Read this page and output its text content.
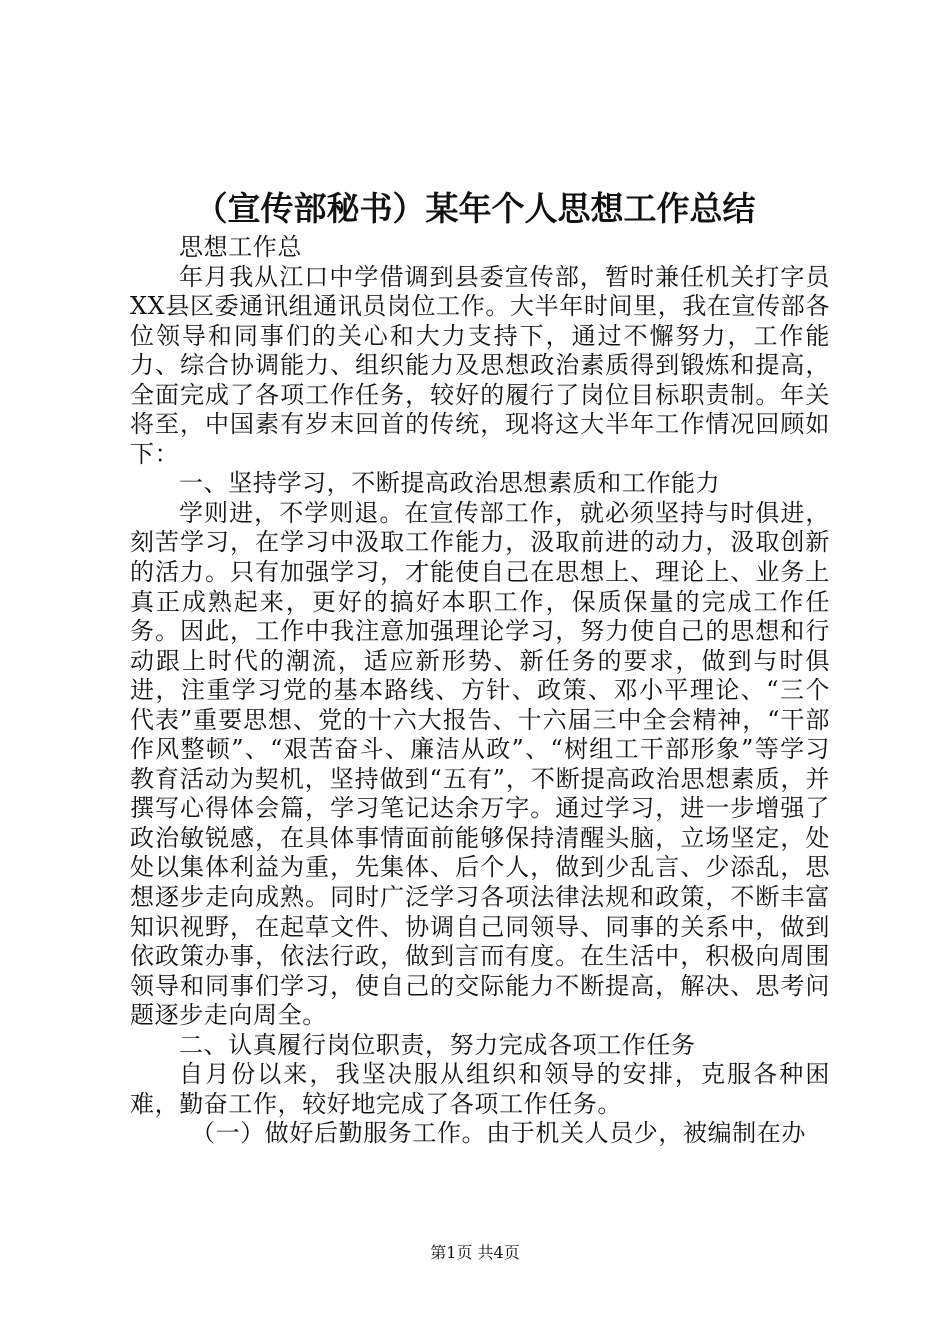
（宣传部秘书）某年个人思想工作总结

思想工作总

年月我从江口中学借调到县委宣传部，暂时兼任机关打字员XX县区委通讯组通讯员岗位工作。大半年时间里，我在宣传部各位领导和同事们的关心和大力支持下，通过不懈努力，工作能力、综合协调能力、组织能力及思想政治素质得到锻炼和提高，全面完成了各项工作任务，较好的履行了岗位目标职责制。年关将至，中国素有岁末回首的传统，现将这大半年工作情况回顾如下：

一、坚持学习，不断提高政治思想素质和工作能力

学则进，不学则退。在宣传部工作，就必须坚持与时俱进，刻苦学习，在学习中汲取工作能力，汲取前进的动力，汲取创新的活力。只有加强学习，才能使自己在思想上、理论上、业务上真正成熟起来，更好的搞好本职工作，保质保量的完成工作任务。因此，工作中我注意加强理论学习，努力使自己的思想和行动跟上时代的潮流，适应新形势、新任务的要求，做到与时俱进，注重学习党的基本路线、方针、政策、邓小平理论、“三个代表”重要思想、党的十六大报告、十六届三中全会精神，“干部作风整顿”、“艰苦奋斗、廉洁从政”、“树组工干部形象”等学习教育活动为契机，坚持做到“五有”，不断提高政治思想素质，并撰写心得体会篇，学习笔记达余万字。通过学习，进一步增强了政治敏锐感，在具体事情面前能够保持清醒头脑，立场坚定，处处以集体利益为重，先集体、后个人，做到少乱言、少添乱，思想逐步走向成熟。同时广泛学习各项法律法规和政策，不断丰富知识视野，在起草文件、协调自己同领导、同事的关系中，做到依政策办事，依法行政，做到言而有度。在生活中，积极向周围领导和同事们学习，使自己的交际能力不断提高，解决、思考问题逐步走向周全。

二、认真履行岗位职责，努力完成各项工作任务

自月份以来，我坚决服从组织和领导的安排，克服各种困难，勤奋工作，较好地完成了各项工作任务。

（一）做好后勤服务工作。由于机关人员少，被编制在办

第1页 共4页
